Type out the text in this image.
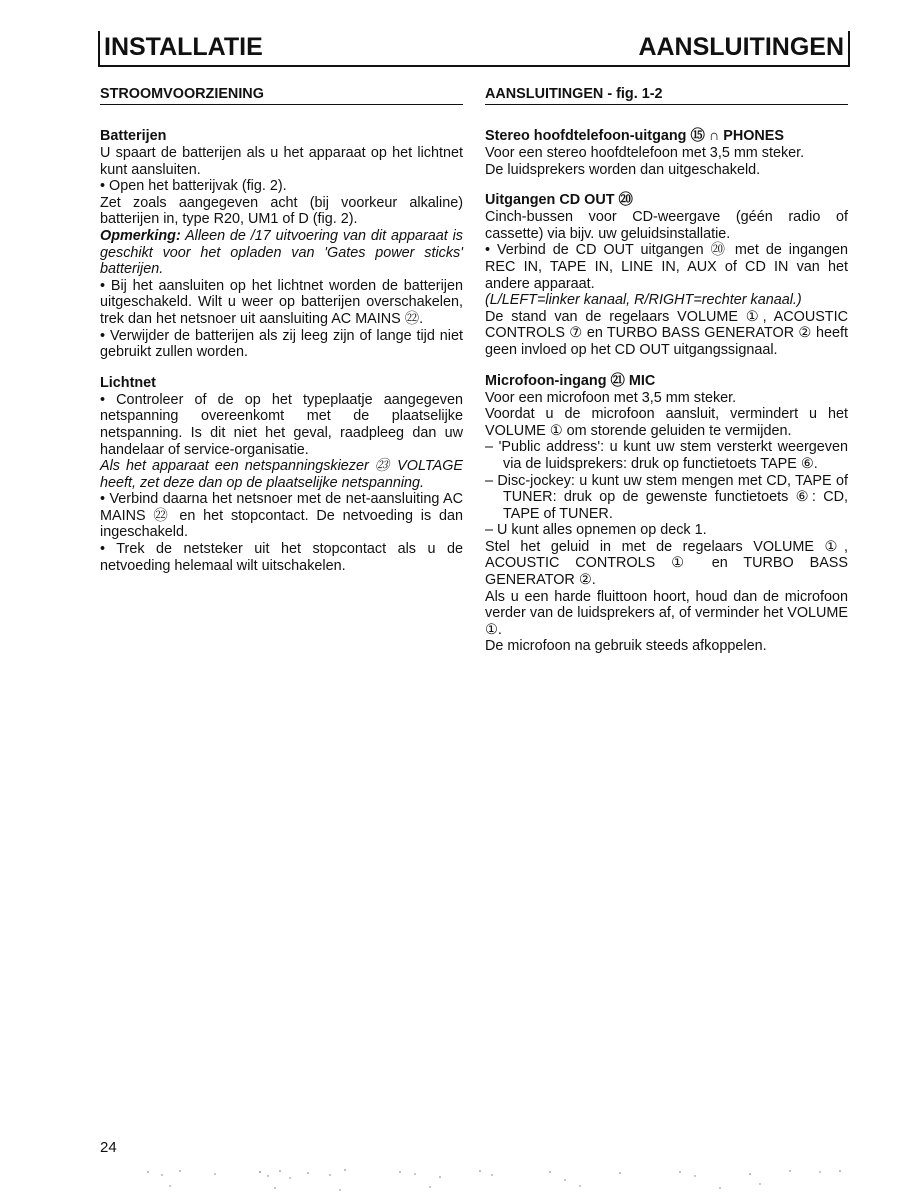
INSTALLATIE	AANSLUITINGEN
STROOMVOORZIENING
Batterijen

U spaart de batterijen als u het apparaat op het lichtnet kunt aansluiten.

• Open het batterijvak (fig. 2).

Zet zoals aangegeven acht (bij voorkeur alkaline) batterijen in, type R20, UM1 of D (fig. 2).

Opmerking: Alleen de /17 uitvoering van dit apparaat is geschikt voor het opladen van 'Gates power sticks' batterijen.

• Bij het aansluiten op het lichtnet worden de batterijen uitgeschakeld. Wilt u weer op batterijen overschakelen, trek dan het netsnoer uit aansluiting AC MAINS ㉒.

• Verwijder de batterijen als zij leeg zijn of lange tijd niet gebruikt zullen worden.

Lichtnet

• Controleer of de op het typeplaatje aangegeven netspanning overeenkomt met de plaatselijke netspanning. Is dit niet het geval, raadpleeg dan uw handelaar of service-organisatie.

Als het apparaat een netspanningskiezer ㉓ VOLTAGE heeft, zet deze dan op de plaatselijke netspanning.

• Verbind daarna het netsnoer met de net-aansluiting AC MAINS ㉒ en het stopcontact. De netvoeding is dan ingeschakeld.

• Trek de netsteker uit het stopcontact als u de netvoeding helemaal wilt uitschakelen.

AANSLUITINGEN - fig. 1-2
Stereo hoofdtelefoon-uitgang ⑮ ∩ PHONES

Voor een stereo hoofdtelefoon met 3,5 mm steker.

De luidsprekers worden dan uitgeschakeld.

Uitgangen CD OUT ⑳

Cinch-bussen voor CD-weergave (géén radio of cassette) via bijv. uw geluidsinstallatie.

• Verbind de CD OUT uitgangen ⑳ met de ingangen REC IN, TAPE IN, LINE IN, AUX of CD IN van het andere apparaat.

(L/LEFT=linker kanaal, R/RIGHT=rechter kanaal.)

De stand van de regelaars VOLUME ①, ACOUSTIC CONTROLS ⑦ en TURBO BASS GENERATOR ② heeft geen invloed op het CD OUT uitgangssignaal.

Microfoon-ingang ㉑ MIC

Voor een microfoon met 3,5 mm steker.

Voordat u de microfoon aansluit, vermindert u het VOLUME ① om storende geluiden te vermijden.

– 'Public address': u kunt uw stem versterkt weergeven via de luidsprekers: druk op functietoets TAPE ⑥.

– Disc-jockey: u kunt uw stem mengen met CD, TAPE of TUNER: druk op de gewenste functietoets ⑥: CD, TAPE of TUNER.

– U kunt alles opnemen op deck 1.

Stel het geluid in met de regelaars VOLUME ①, ACOUSTIC CONTROLS ① en TURBO BASS GENERATOR ②.

Als u een harde fluittoon hoort, houd dan de microfoon verder van de luidsprekers af, of verminder het VOLUME ①.

De microfoon na gebruik steeds afkoppelen.

24
